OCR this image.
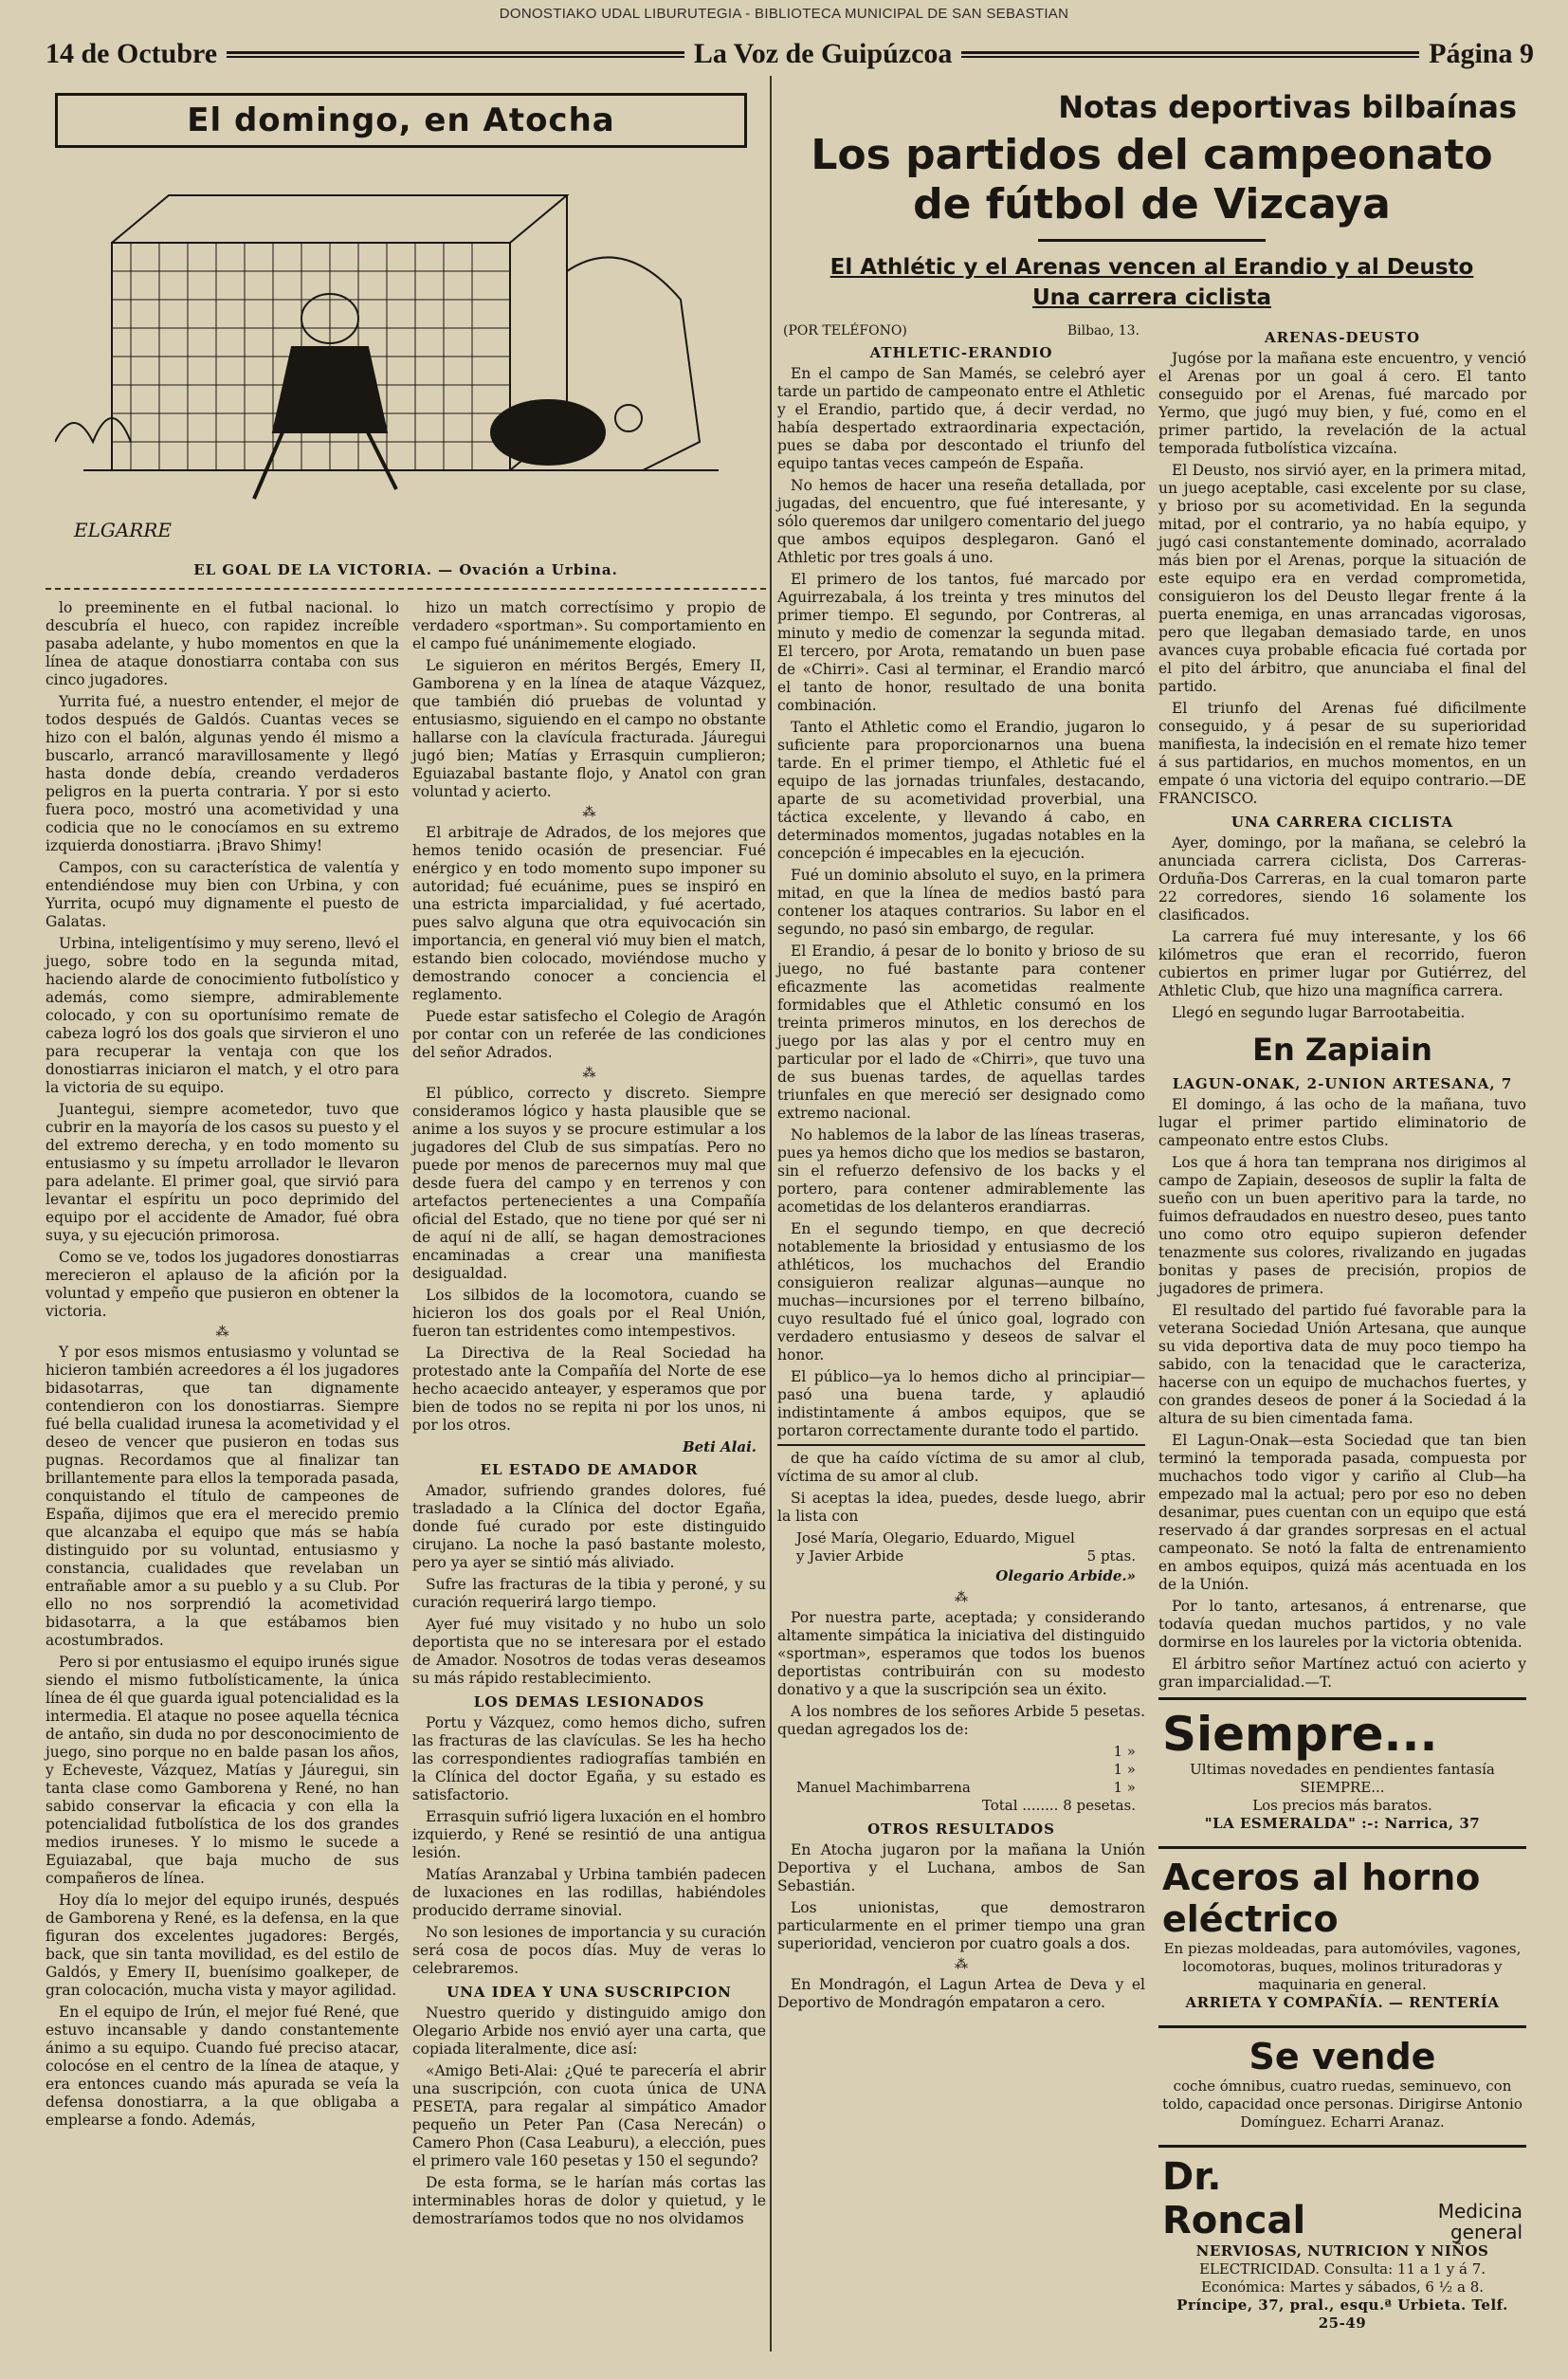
DONOSTIAKO UDAL LIBURUTEGIA - BIBLIOTECA MUNICIPAL DE SAN SEBASTIAN
14 de Octubre	La Voz de Guipúzcoa	Página 9
El domingo, en Atocha
ELGARRE
EL GOAL DE LA VICTORIA. — Ovación a Urbina.

lo preeminente en el futbal nacional. lo descubría el hueco, con rapidez increíble pasaba adelante, y hubo momentos en que la línea de ataque donostiarra contaba con sus cinco jugadores.

Yurrita fué, a nuestro entender, el mejor de todos después de Galdós. Cuantas veces se hizo con el balón, algunas yendo él mismo a buscarlo, arrancó maravillosamente y llegó hasta donde debía, creando verdaderos peligros en la puerta contraria. Y por si esto fuera poco, mostró una acometividad y una codicia que no le conocíamos en su extremo izquierda donostiarra. ¡Bravo Shimy!

Campos, con su característica de valentía y entendiéndose muy bien con Urbina, y con Yurrita, ocupó muy dignamente el puesto de Galatas.

Urbina, inteligentísimo y muy sereno, llevó el juego, sobre todo en la segunda mitad, haciendo alarde de conocimiento futbolístico y además, como siempre, admirablemente colocado, y con su oportunísimo remate de cabeza logró los dos goals que sirvieron el uno para recuperar la ventaja con que los donostiarras iniciaron el match, y el otro para la victoria de su equipo.

Juantegui, siempre acometedor, tuvo que cubrir en la mayoría de los casos su puesto y el del extremo derecha, y en todo momento su entusiasmo y su ímpetu arrollador le llevaron para adelante. El primer goal, que sirvió para levantar el espíritu un poco deprimido del equipo por el accidente de Amador, fué obra suya, y su ejecución primorosa.

Como se ve, todos los jugadores donostiarras merecieron el aplauso de la afición por la voluntad y empeño que pusieron en obtener la victoria.

⁂

Y por esos mismos entusiasmo y voluntad se hicieron también acreedores a él los jugadores bidasotarras, que tan dignamente contendieron con los donostiarras. Siempre fué bella cualidad irunesa la acometividad y el deseo de vencer que pusieron en todas sus pugnas. Recordamos que al finalizar tan brillantemente para ellos la temporada pasada, conquistando el título de campeones de España, dijimos que era el merecido premio que alcanzaba el equipo que más se había distinguido por su voluntad, entusiasmo y constancia, cualidades que revelaban un entrañable amor a su pueblo y a su Club. Por ello no nos sorprendió la acometividad bidasotarra, a la que estábamos bien acostumbrados.

Pero si por entusiasmo el equipo irunés sigue siendo el mismo futbolísticamente, la única línea de él que guarda igual potencialidad es la intermedia. El ataque no posee aquella técnica de antaño, sin duda no por desconocimiento de juego, sino porque no en balde pasan los años, y Echeveste, Vázquez, Matías y Jáuregui, sin tanta clase como Gamborena y René, no han sabido conservar la eficacia y con ella la potencialidad futbolística de los dos grandes medios iruneses. Y lo mismo le sucede a Eguiazabal, que baja mucho de sus compañeros de línea.

Hoy día lo mejor del equipo irunés, después de Gamborena y René, es la defensa, en la que figuran dos excelentes jugadores: Bergés, back, que sin tanta movilidad, es del estilo de Galdós, y Emery II, buenísimo goalkeper, de gran colocación, mucha vista y mayor agilidad.

En el equipo de Irún, el mejor fué René, que estuvo incansable y dando constantemente ánimo a su equipo. Cuando fué preciso atacar, colocóse en el centro de la línea de ataque, y era entonces cuando más apurada se veía la defensa donostiarra, a la que obligaba a emplearse a fondo. Además,

hizo un match correctísimo y propio de verdadero «sportman». Su comportamiento en el campo fué unánimemente elogiado.

Le siguieron en méritos Bergés, Emery II, Gamborena y en la línea de ataque Vázquez, que también dió pruebas de voluntad y entusiasmo, siguiendo en el campo no obstante hallarse con la clavícula fracturada. Jáuregui jugó bien; Matías y Errasquin cumplieron; Eguiazabal bastante flojo, y Anatol con gran voluntad y acierto.

⁂

El arbitraje de Adrados, de los mejores que hemos tenido ocasión de presenciar. Fué enérgico y en todo momento supo imponer su autoridad; fué ecuánime, pues se inspiró en una estricta imparcialidad, y fué acertado, pues salvo alguna que otra equivocación sin importancia, en general vió muy bien el match, estando bien colocado, moviéndose mucho y demostrando conocer a conciencia el reglamento.

Puede estar satisfecho el Colegio de Aragón por contar con un referée de las condiciones del señor Adrados.

⁂

El público, correcto y discreto. Siempre consideramos lógico y hasta plausible que se anime a los suyos y se procure estimular a los jugadores del Club de sus simpatías. Pero no puede por menos de parecernos muy mal que desde fuera del campo y en terrenos y con artefactos pertenecientes a una Compañía oficial del Estado, que no tiene por qué ser ni de aquí ni de allí, se hagan demostraciones encaminadas a crear una manifiesta desigualdad.

Los silbidos de la locomotora, cuando se hicieron los dos goals por el Real Unión, fueron tan estridentes como intempestivos.

La Directiva de la Real Sociedad ha protestado ante la Compañía del Norte de ese hecho acaecido anteayer, y esperamos que por bien de todos no se repita ni por los unos, ni por los otros.

Beti Alai.
EL ESTADO DE AMADOR

Amador, sufriendo grandes dolores, fué trasladado a la Clínica del doctor Egaña, donde fué curado por este distinguido cirujano. La noche la pasó bastante molesto, pero ya ayer se sintió más aliviado.

Sufre las fracturas de la tibia y peroné, y su curación requerirá largo tiempo.

Ayer fué muy visitado y no hubo un solo deportista que no se interesara por el estado de Amador. Nosotros de todas veras deseamos su más rápido restablecimiento.

LOS DEMAS LESIONADOS

Portu y Vázquez, como hemos dicho, sufren las fracturas de las clavículas. Se les ha hecho las correspondientes radiografías también en la Clínica del doctor Egaña, y su estado es satisfactorio.

Errasquin sufrió ligera luxación en el hombro izquierdo, y René se resintió de una antigua lesión.

Matías Aranzabal y Urbina también padecen de luxaciones en las rodillas, habiéndoles producido derrame sinovial.

No son lesiones de importancia y su curación será cosa de pocos días. Muy de veras lo celebraremos.

UNA IDEA Y UNA SUSCRIPCION

Nuestro querido y distinguido amigo don Olegario Arbide nos envió ayer una carta, que copiada literalmente, dice así:

«Amigo Beti-Alai: ¿Qué te parecería el abrir una suscripción, con cuota única de UNA PESETA, para regalar al simpático Amador pequeño un Peter Pan (Casa Nerecán) o Camero Phon (Casa Leaburu), a elección, pues el primero vale 160 pesetas y 150 el segundo?

De esta forma, se le harían más cortas las interminables horas de dolor y quietud, y le demostraríamos todos que no nos olvidamos

Notas deportivas bilbaínas
Los partidos del campeonato de fútbol de Vizcaya
El Athlétic y el Arenas vencen al Erandio y al Deusto
Una carrera ciclista
(POR TELÉFONO)	Bilbao, 13.
ATHLETIC-ERANDIO

En el campo de San Mamés, se celebró ayer tarde un partido de campeonato entre el Athletic y el Erandio, partido que, á decir verdad, no había despertado extraordinaria expectación, pues se daba por descontado el triunfo del equipo tantas veces campeón de España.

No hemos de hacer una reseña detallada, por jugadas, del encuentro, que fué interesante, y sólo queremos dar unilgero comentario del juego que ambos equipos desplegaron. Ganó el Athletic por tres goals á uno.

El primero de los tantos, fué marcado por Aguirrezabala, á los treinta y tres minutos del primer tiempo. El segundo, por Contreras, al minuto y medio de comenzar la segunda mitad. El tercero, por Arota, rematando un buen pase de «Chirri». Casi al terminar, el Erandio marcó el tanto de honor, resultado de una bonita combinación.

Tanto el Athletic como el Erandio, jugaron lo suficiente para proporcionarnos una buena tarde. En el primer tiempo, el Athletic fué el equipo de las jornadas triunfales, destacando, aparte de su acometividad proverbial, una táctica excelente, y llevando á cabo, en determinados momentos, jugadas notables en la concepción é impecables en la ejecución.

Fué un dominio absoluto el suyo, en la primera mitad, en que la línea de medios bastó para contener los ataques contrarios. Su labor en el segundo, no pasó sin embargo, de regular.

El Erandio, á pesar de lo bonito y brioso de su juego, no fué bastante para contener eficazmente las acometidas realmente formidables que el Athletic consumó en los treinta primeros minutos, en los derechos de juego por las alas y por el centro muy en particular por el lado de «Chirri», que tuvo una de sus buenas tardes, de aquellas tardes triunfales en que mereció ser designado como extremo nacional.

No hablemos de la labor de las líneas traseras, pues ya hemos dicho que los medios se bastaron, sin el refuerzo defensivo de los backs y el portero, para contener admirablemente las acometidas de los delanteros erandiarras.

En el segundo tiempo, en que decreció notablemente la briosidad y entusiasmo de los athléticos, los muchachos del Erandio consiguieron realizar algunas—aunque no muchas—incursiones por el terreno bilbaíno, cuyo resultado fué el único goal, logrado con verdadero entusiasmo y deseos de salvar el honor.

El público—ya lo hemos dicho al principiar—pasó una buena tarde, y aplaudió indistintamente á ambos equipos, que se portaron correctamente durante todo el partido.

de que ha caído víctima de su amor al club, víctima de su amor al club.

Si aceptas la idea, puedes, desde luego, abrir la lista con

José María, Olegario, Eduardo, Miguel
y Javier Arbide	5 ptas.
Olegario Arbide.»
⁂

Por nuestra parte, aceptada; y considerando altamente simpática la iniciativa del distinguido «sportman», esperamos que todos los buenos deportistas contribuirán con su modesto donativo y a que la suscripción sea un éxito.

A los nombres de los señores Arbide 5 pesetas. quedan agregados los de:

1 »
1 »
Manuel Machimbarrena	1 »
Total ........ 8 pesetas.
OTROS RESULTADOS

En Atocha jugaron por la mañana la Unión Deportiva y el Luchana, ambos de San Sebastián.

Los unionistas, que demostraron particularmente en el primer tiempo una gran superioridad, vencieron por cuatro goals a dos.

⁂

En Mondragón, el Lagun Artea de Deva y el Deportivo de Mondragón empataron a cero.

ARENAS-DEUSTO

Jugóse por la mañana este encuentro, y venció el Arenas por un goal á cero. El tanto conseguido por el Arenas, fué marcado por Yermo, que jugó muy bien, y fué, como en el primer partido, la revelación de la actual temporada futbolística vizcaína.

El Deusto, nos sirvió ayer, en la primera mitad, un juego aceptable, casi excelente por su clase, y brioso por su acometividad. En la segunda mitad, por el contrario, ya no había equipo, y jugó casi constantemente dominado, acorralado más bien por el Arenas, porque la situación de este equipo era en verdad comprometida, consiguieron los del Deusto llegar frente á la puerta enemiga, en unas arrancadas vigorosas, pero que llegaban demasiado tarde, en unos avances cuya probable eficacia fué cortada por el pito del árbitro, que anunciaba el final del partido.

El triunfo del Arenas fué dificilmente conseguido, y á pesar de su superioridad manifiesta, la indecisión en el remate hizo temer á sus partidarios, en muchos momentos, en un empate ó una victoria del equipo contrario.—DE FRANCISCO.

UNA CARRERA CICLISTA

Ayer, domingo, por la mañana, se celebró la anunciada carrera ciclista, Dos Carreras-Orduña-Dos Carreras, en la cual tomaron parte 22 corredores, siendo 16 solamente los clasificados.

La carrera fué muy interesante, y los 66 kilómetros que eran el recorrido, fueron cubiertos en primer lugar por Gutiérrez, del Athletic Club, que hizo una magnífica carrera.

Llegó en segundo lugar Barrootabeitia.

En Zapiain
LAGUN-ONAK, 2-UNION ARTESANA, 7

El domingo, á las ocho de la mañana, tuvo lugar el primer partido eliminatorio de campeonato entre estos Clubs.

Los que á hora tan temprana nos dirigimos al campo de Zapiain, deseosos de suplir la falta de sueño con un buen aperitivo para la tarde, no fuimos defraudados en nuestro deseo, pues tanto uno como otro equipo supieron defender tenazmente sus colores, rivalizando en jugadas bonitas y pases de precisión, propios de jugadores de primera.

El resultado del partido fué favorable para la veterana Sociedad Unión Artesana, que aunque su vida deportiva data de muy poco tiempo ha sabido, con la tenacidad que le caracteriza, hacerse con un equipo de muchachos fuertes, y con grandes deseos de poner á la Sociedad á la altura de su bien cimentada fama.

El Lagun-Onak—esta Sociedad que tan bien terminó la temporada pasada, compuesta por muchachos todo vigor y cariño al Club—ha empezado mal la actual; pero por eso no deben desanimar, pues cuentan con un equipo que está reservado á dar grandes sorpresas en el actual campeonato. Se notó la falta de entrenamiento en ambos equipos, quizá más acentuada en los de la Unión.

Por lo tanto, artesanos, á entrenarse, que todavía quedan muchos partidos, y no vale dormirse en los laureles por la victoria obtenida.

El árbitro señor Martínez actuó con acierto y gran imparcialidad.—T.

Siempre...
Ultimas novedades en pendientes fantasía SIEMPRE...
Los precios más baratos.
"LA ESMERALDA" :-: Narrica, 37
Aceros al horno eléctrico
En piezas moldeadas, para automóviles, vagones, locomotoras, buques, molinos trituradoras y maquinaria en general.
ARRIETA Y COMPAÑÍA. — RENTERÍA
Se vende
coche ómnibus, cuatro ruedas, seminuevo, con toldo, capacidad once personas. Dirigirse Antonio Domínguez. Echarri Aranaz.
Dr. Roncal	Medicina general
NERVIOSAS, NUTRICION Y NIÑOS
ELECTRICIDAD. Consulta: 11 a 1 y á 7.
Económica: Martes y sábados, 6 ½ a 8.
Príncipe, 37, pral., esqu.ª Urbieta. Telf. 25-49
